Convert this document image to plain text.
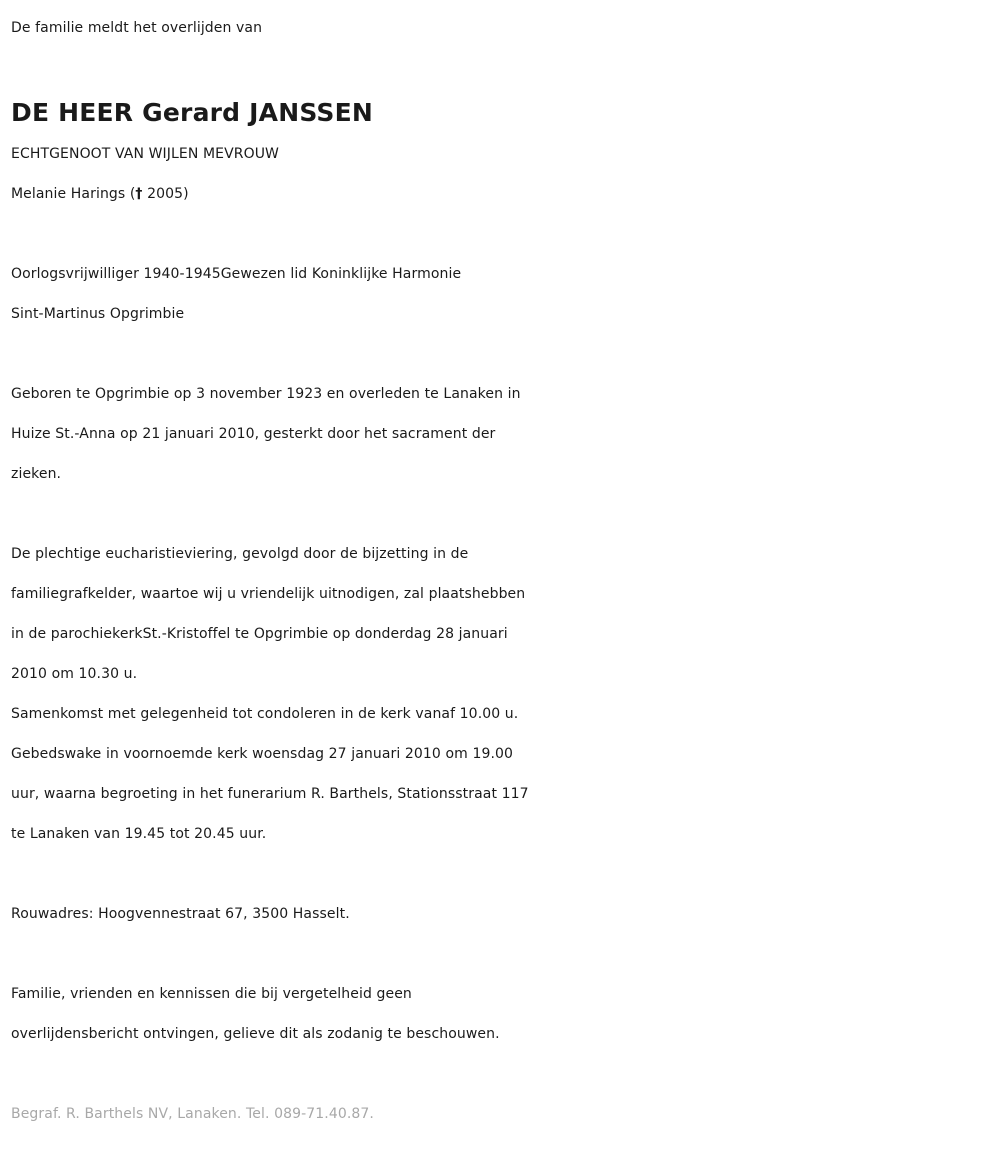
De familie meldt het overlijden van
DE HEER Gerard JANSSEN
ECHTGENOOT VAN WIJLEN MEVROUW
Melanie Harings († 2005)
Oorlogsvrijwilliger 1940-1945Gewezen lid Koninklijke Harmonie
Sint-Martinus Opgrimbie
Geboren te Opgrimbie op 3 november 1923 en overleden te Lanaken in
Huize St.-Anna op 21 januari 2010, gesterkt door het sacrament der
zieken.
De plechtige eucharistieviering, gevolgd door de bijzetting in de
familiegrafkelder, waartoe wij u vriendelijk uitnodigen, zal plaatshebben
in de parochiekerkSt.-Kristoffel te Opgrimbie op donderdag 28 januari
2010 om 10.30 u.
Samenkomst met gelegenheid tot condoleren in de kerk vanaf 10.00 u.
Gebedswake in voornoemde kerk woensdag 27 januari 2010 om 19.00
uur, waarna begroeting in het funerarium R. Barthels, Stationsstraat 117
te Lanaken van 19.45 tot 20.45 uur.
Rouwadres: Hoogvennestraat 67, 3500 Hasselt.
Familie, vrienden en kennissen die bij vergetelheid geen
overlijdensbericht ontvingen, gelieve dit als zodanig te beschouwen.
Begraf. R. Barthels NV, Lanaken. Tel. 089-71.40.87.
